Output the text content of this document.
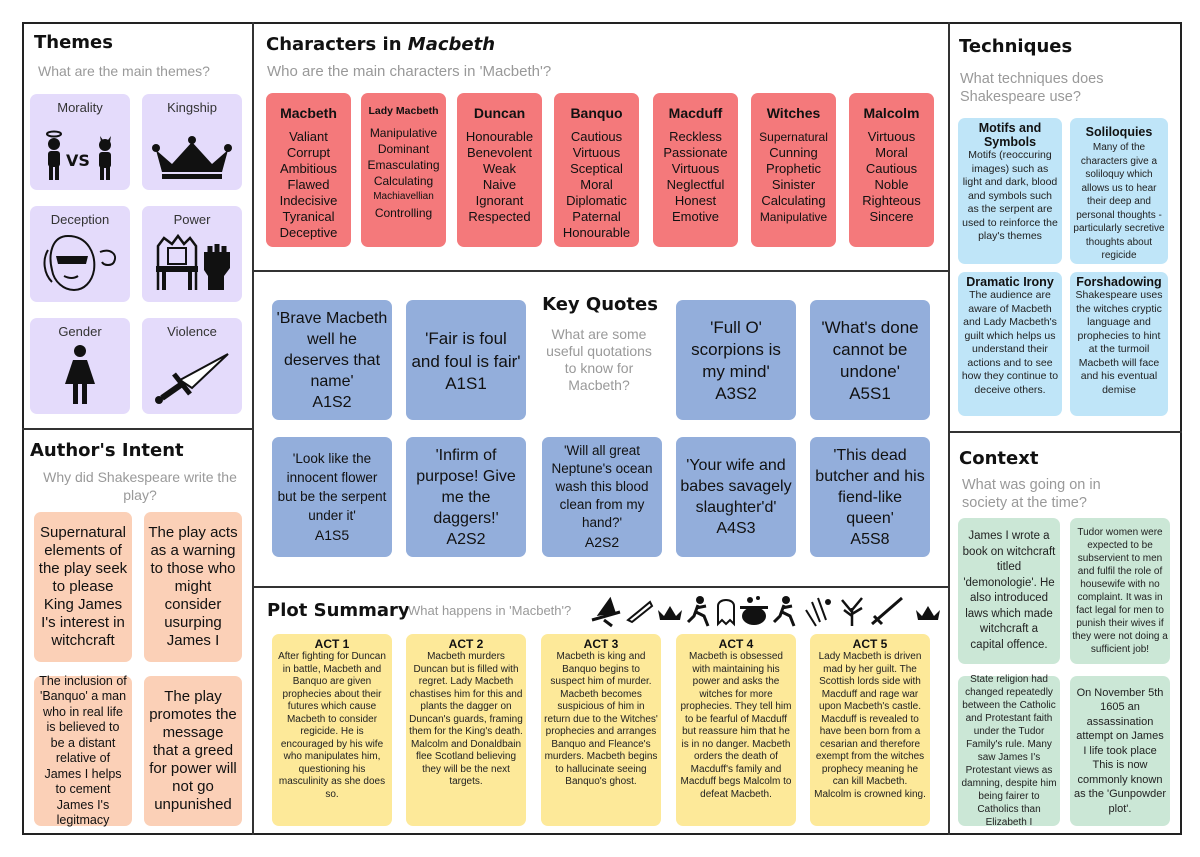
Themes
What are the main themes?
Morality
VS
Kingship
Deception	Power
Gender	Violence
Author's Intent
Why did Shakespeare write the play?
Supernatural elements of the play seek to please King James I's interest in witchcraft
The play acts as a warning to those who might consider usurping James I
The inclusion of 'Banquo' a man who in real life is believed to be a distant relative of James I helps to cement James I's legitmacy
The play promotes the message that a greed for power will not go unpunished
Characters in Macbeth
Who are the main characters in 'Macbeth'?
Macbeth
Valiant
Corrupt
Ambitious
Flawed
Indecisive
Tyranical
Deceptive
Lady Macbeth
Manipulative
Dominant
Emasculating
Calculating
Machiavellian
Controlling
Duncan
Honourable
Benevolent
Weak
Naive
Ignorant
Respected
Banquo
Cautious
Virtuous
Sceptical
Moral
Diplomatic
Paternal
Honourable
Macduff
Reckless
Passionate
Virtuous
Neglectful
Honest
Emotive
Witches
Supernatural
Cunning
Prophetic
Sinister
Calculating
Manipulative
Malcolm
Virtuous
Moral
Cautious
Noble
Righteous
Sincere
Key Quotes
What are some useful quotations to know for Macbeth?
'Brave Macbeth well he deserves that name'
A1S2
'Fair is foul and foul is fair'
A1S1
'Full O' scorpions is my mind'
A3S2
'What's done cannot be undone'
A5S1
'Look like the innocent flower but be the serpent under it'
A1S5
'Infirm of purpose! Give me the daggers!'
A2S2
'Will all great Neptune's ocean wash this blood clean from my hand?'
A2S2
'Your wife and babes savagely slaughter'd'
A4S3
'This dead butcher and his fiend-like queen'
A5S8
Plot Summary
What happens in 'Macbeth'?
ACT 1
After fighting for Duncan in battle, Macbeth and Banquo are given prophecies about their futures which cause Macbeth to consider regicide. He is encouraged by his wife who manipulates him, questioning his masculinity as she does so.
ACT 2
Macbeth murders Duncan but is filled with regret. Lady Macbeth chastises him for this and plants the dagger on Duncan's guards, framing them for the King's death. Malcolm and Donaldbain flee Scotland believing they will be the next targets.
ACT 3
Macbeth is king and Banquo begins to suspect him of murder. Macbeth becomes suspicious of him in return due to the Witches' prophecies and arranges Banquo and Fleance's murders. Macbeth begins to hallucinate seeing Banquo's ghost.
ACT 4
Macbeth is obsessed with maintaining his power and asks the witches for more prophecies. They tell him to be fearful of Macduff but reassure him that he is in no danger. Macbeth orders the death of Macduff's family and Macduff begs Malcolm to defeat Macbeth.
ACT 5
Lady Macbeth is driven mad by her guilt. The Scottish lords side with Macduff and rage war upon Macbeth's castle. Macduff is revealed to have been born from a cesarian and therefore exempt from the witches prophecy meaning he can kill Macbeth. Malcolm is crowned king.
Techniques
What techniques does Shakespeare use?
Motifs and Symbols
Motifs (reoccuring images) such as light and dark, blood and symbols such as the serpent are used to reinforce the play's themes
Soliloquies
Many of the characters give a soliloquy which allows us to hear their deep and personal thoughts - particularly secretive thoughts about regicide
Dramatic Irony
The audience are aware of Macbeth and Lady Macbeth's guilt which helps us understand their actions and to see how they continue to deceive others.
Forshadowing
Shakespeare uses the witches cryptic language and prophecies to hint at the turmoil Macbeth will face and his eventual demise
Context
What was going on in society at the time?
James I wrote a book on witchcraft titled 'demonologie'. He also introduced laws which made witchcraft a capital offence.
Tudor women were expected to be subservient to men and fulfil the role of housewife with no complaint. It was in fact legal for men to punish their wives if they were not doing a sufficient job!
State religion had changed repeatedly between the Catholic and Protestant faith under the Tudor Family's rule. Many saw James I's Protestant views as damning, despite him being fairer to Catholics than Elizabeth I
On November 5th 1605 an assassination attempt on James I life took place This is now commonly known as the 'Gunpowder plot'.
